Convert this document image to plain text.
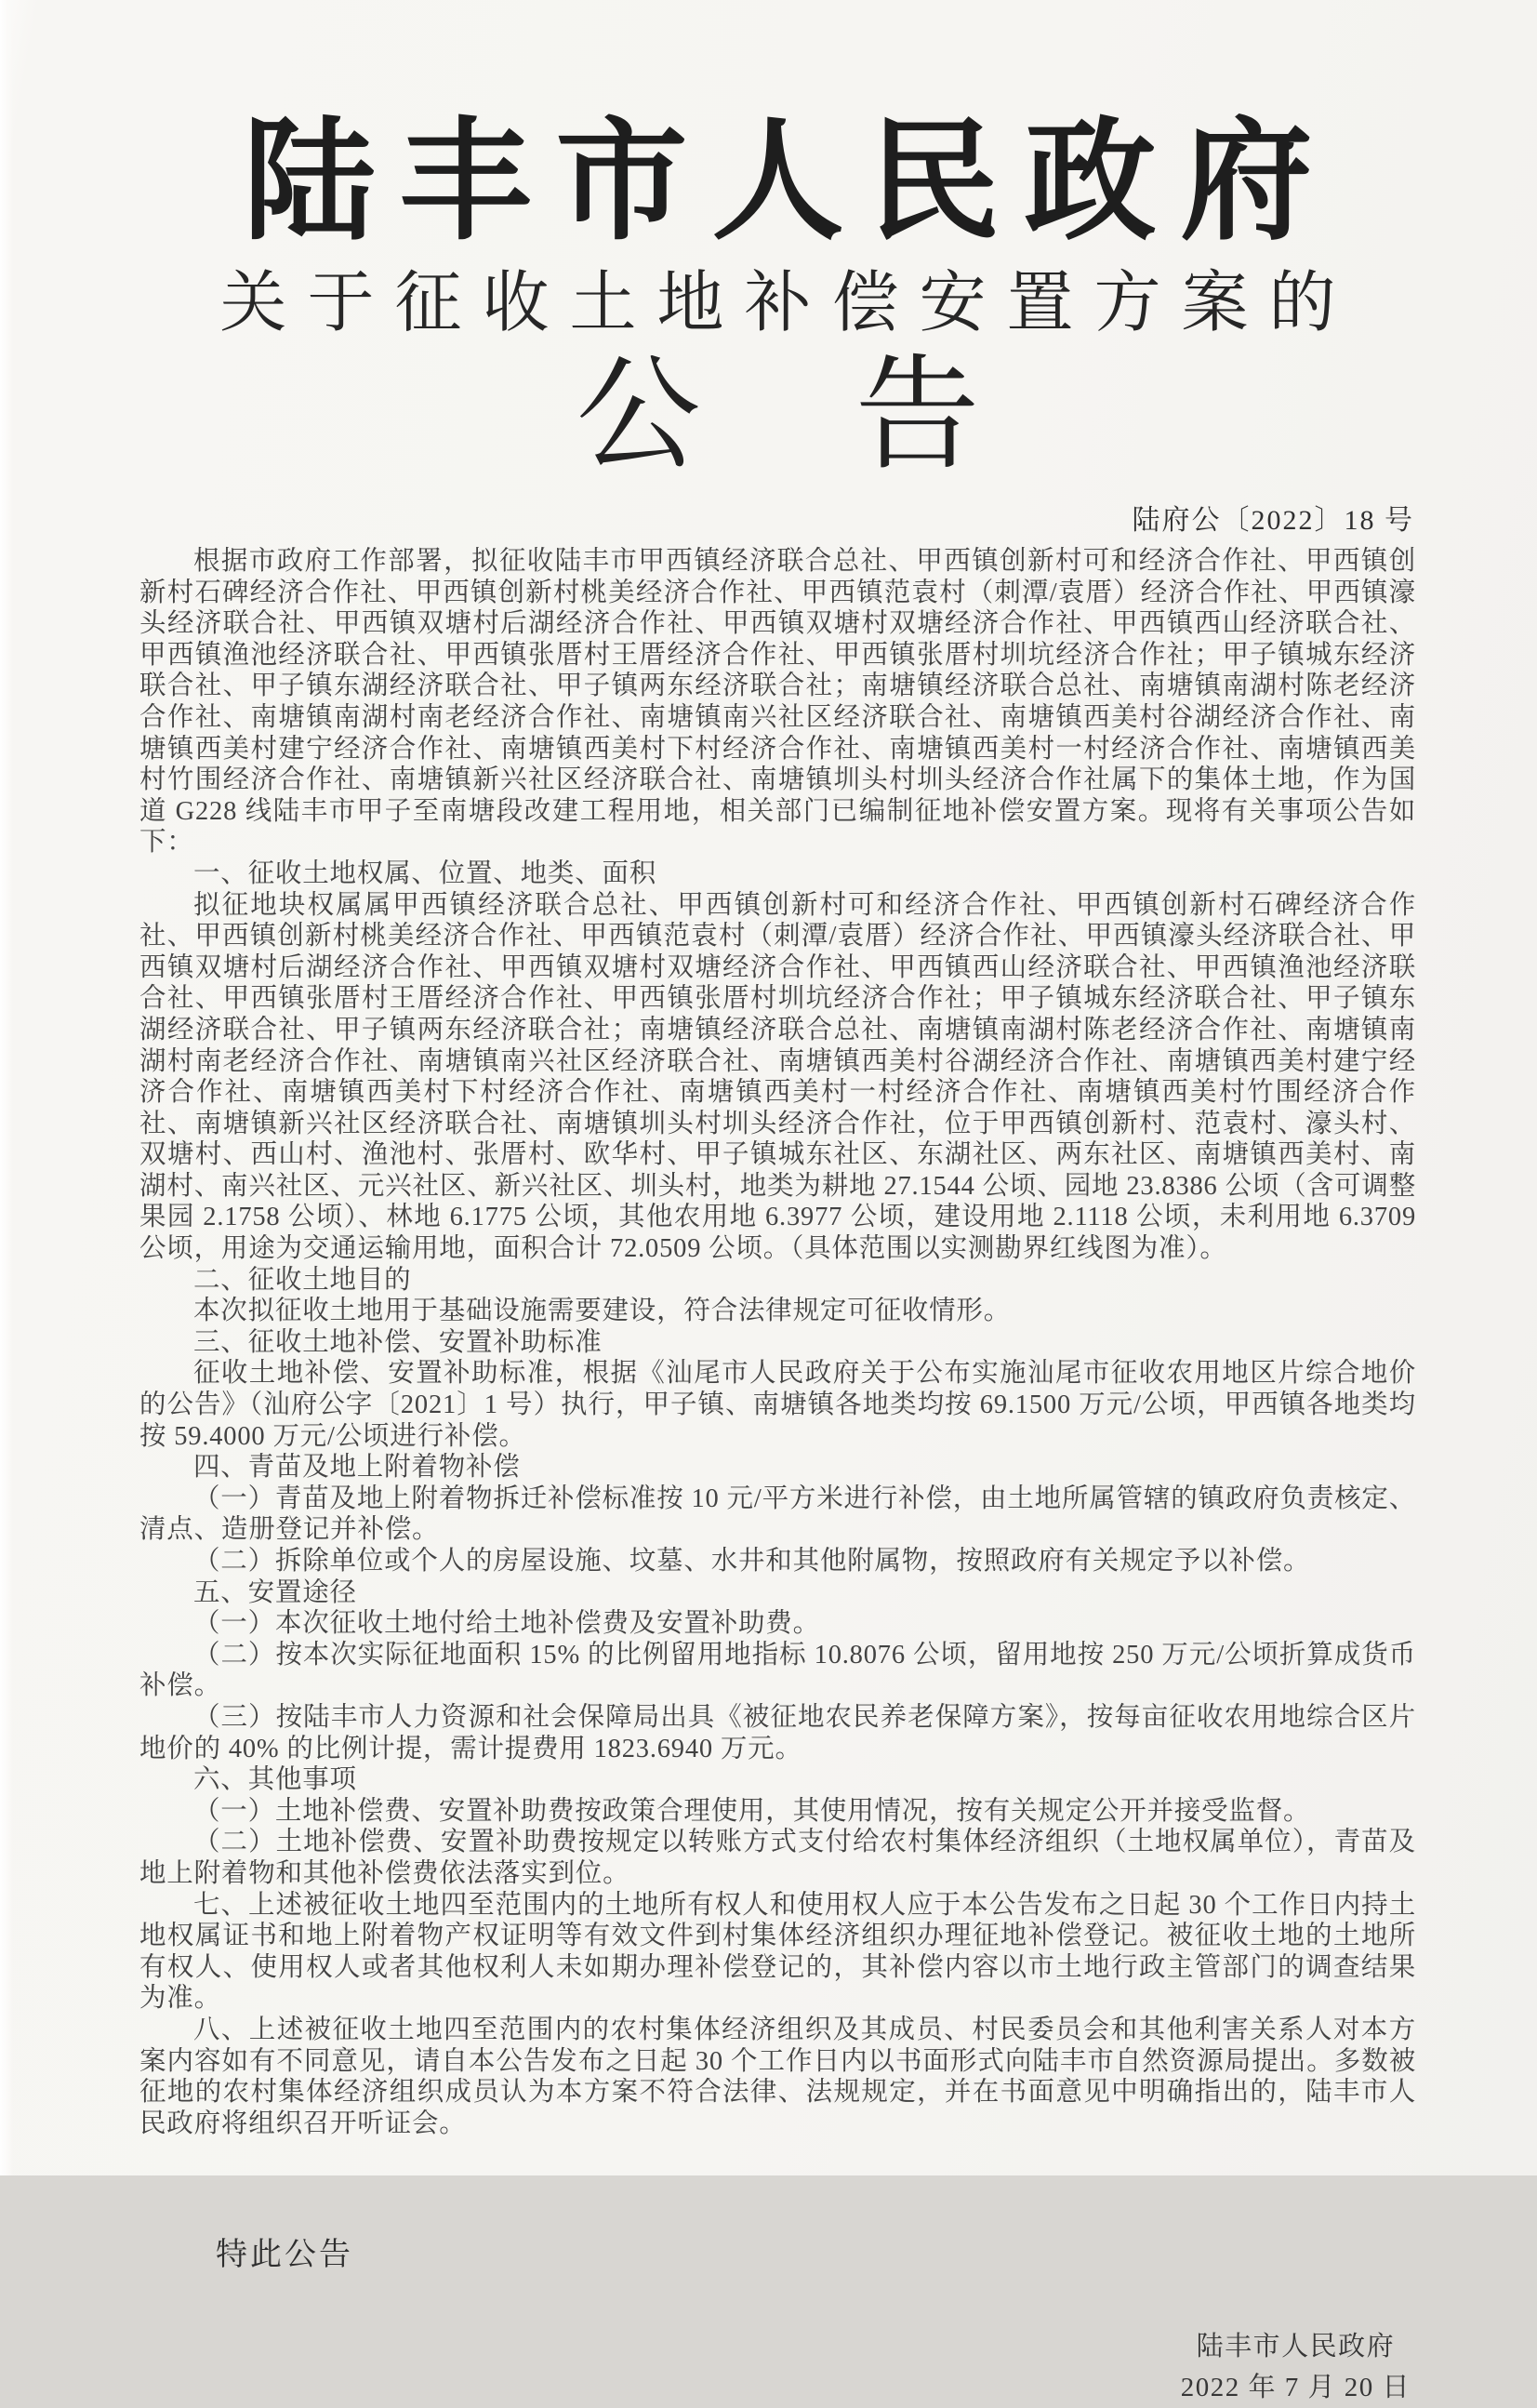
陆丰市人民政府
关于征收土地补偿安置方案的
公 告
陆府公〔2022〕18 号

根据市政府工作部署，拟征收陆丰市甲西镇经济联合总社、甲西镇创新村可和经济合作社、甲西镇创新村石碑经济合作社、甲西镇创新村桃美经济合作社、甲西镇范袁村（刺潭/袁厝）经济合作社、甲西镇濠头经济联合社、甲西镇双塘村后湖经济合作社、甲西镇双塘村双塘经济合作社、甲西镇西山经济联合社、甲西镇渔池经济联合社、甲西镇张厝村王厝经济合作社、甲西镇张厝村圳坑经济合作社；甲子镇城东经济联合社、甲子镇东湖经济联合社、甲子镇两东经济联合社；南塘镇经济联合总社、南塘镇南湖村陈老经济合作社、南塘镇南湖村南老经济合作社、南塘镇南兴社区经济联合社、南塘镇西美村谷湖经济合作社、南塘镇西美村建宁经济合作社、南塘镇西美村下村经济合作社、南塘镇西美村一村经济合作社、南塘镇西美村竹围经济合作社、南塘镇新兴社区经济联合社、南塘镇圳头村圳头经济合作社属下的集体土地，作为国道 G228 线陆丰市甲子至南塘段改建工程用地，相关部门已编制征地补偿安置方案。现将有关事项公告如下：

一、征收土地权属、位置、地类、面积

拟征地块权属属甲西镇经济联合总社、甲西镇创新村可和经济合作社、甲西镇创新村石碑经济合作社、甲西镇创新村桃美经济合作社、甲西镇范袁村（刺潭/袁厝）经济合作社、甲西镇濠头经济联合社、甲西镇双塘村后湖经济合作社、甲西镇双塘村双塘经济合作社、甲西镇西山经济联合社、甲西镇渔池经济联合社、甲西镇张厝村王厝经济合作社、甲西镇张厝村圳坑经济合作社；甲子镇城东经济联合社、甲子镇东湖经济联合社、甲子镇两东经济联合社；南塘镇经济联合总社、南塘镇南湖村陈老经济合作社、南塘镇南湖村南老经济合作社、南塘镇南兴社区经济联合社、南塘镇西美村谷湖经济合作社、南塘镇西美村建宁经济合作社、南塘镇西美村下村经济合作社、南塘镇西美村一村经济合作社、南塘镇西美村竹围经济合作社、南塘镇新兴社区经济联合社、南塘镇圳头村圳头经济合作社，位于甲西镇创新村、范袁村、濠头村、双塘村、西山村、渔池村、张厝村、欧华村、甲子镇城东社区、东湖社区、两东社区、南塘镇西美村、南湖村、南兴社区、元兴社区、新兴社区、圳头村，地类为耕地 27.1544 公顷、园地 23.8386 公顷（含可调整果园 2.1758 公顷）、林地 6.1775 公顷，其他农用地 6.3977 公顷，建设用地 2.1118 公顷，未利用地 6.3709 公顷，用途为交通运输用地，面积合计 72.0509 公顷。（具体范围以实测勘界红线图为准）。

二、征收土地目的

本次拟征收土地用于基础设施需要建设，符合法律规定可征收情形。

三、征收土地补偿、安置补助标准

征收土地补偿、安置补助标准，根据《汕尾市人民政府关于公布实施汕尾市征收农用地区片综合地价的公告》（汕府公字〔2021〕1 号）执行，甲子镇、南塘镇各地类均按 69.1500 万元/公顷，甲西镇各地类均按 59.4000 万元/公顷进行补偿。

四、青苗及地上附着物补偿

（一）青苗及地上附着物拆迁补偿标准按 10 元/平方米进行补偿，由土地所属管辖的镇政府负责核定、清点、造册登记并补偿。

（二）拆除单位或个人的房屋设施、坟墓、水井和其他附属物，按照政府有关规定予以补偿。

五、安置途径

（一）本次征收土地付给土地补偿费及安置补助费。

（二）按本次实际征地面积 15% 的比例留用地指标 10.8076 公顷，留用地按 250 万元/公顷折算成货币补偿。

（三）按陆丰市人力资源和社会保障局出具《被征地农民养老保障方案》，按每亩征收农用地综合区片地价的 40% 的比例计提，需计提费用 1823.6940 万元。

六、其他事项

（一）土地补偿费、安置补助费按政策合理使用，其使用情况，按有关规定公开并接受监督。

（二）土地补偿费、安置补助费按规定以转账方式支付给农村集体经济组织（土地权属单位），青苗及地上附着物和其他补偿费依法落实到位。

七、上述被征收土地四至范围内的土地所有权人和使用权人应于本公告发布之日起 30 个工作日内持土地权属证书和地上附着物产权证明等有效文件到村集体经济组织办理征地补偿登记。被征收土地的土地所有权人、使用权人或者其他权利人未如期办理补偿登记的，其补偿内容以市土地行政主管部门的调查结果为准。

八、上述被征收土地四至范围内的农村集体经济组织及其成员、村民委员会和其他利害关系人对本方案内容如有不同意见，请自本公告发布之日起 30 个工作日内以书面形式向陆丰市自然资源局提出。多数被征地的农村集体经济组织成员认为本方案不符合法律、法规规定，并在书面意见中明确指出的，陆丰市人民政府将组织召开听证会。

特此公告
陆丰市人民政府
2022 年 7 月 20 日
